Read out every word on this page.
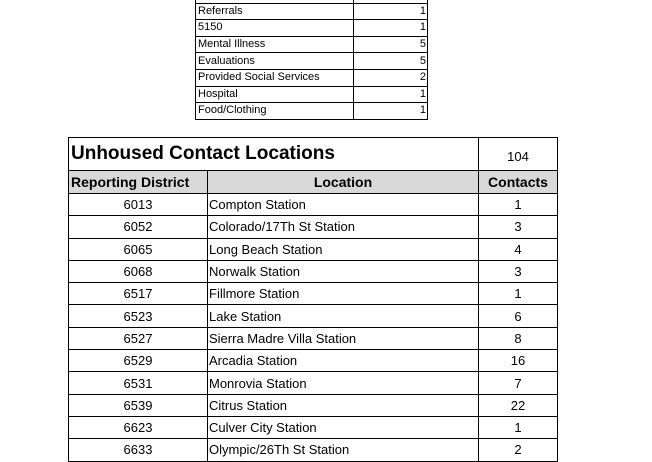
Referrals	1
5150	1
Mental Illness	5
Evaluations	5
Provided Social Services	2
Hospital	1
Food/Clothing	1
Unhoused Contact Locations		104
Reporting District	Location	Contacts
6013	Compton Station	1
6052	Colorado/17Th St Station	3
6065	Long Beach Station	4
6068	Norwalk Station	3
6517	Fillmore Station	1
6523	Lake Station	6
6527	Sierra Madre Villa Station	8
6529	Arcadia Station	16
6531	Monrovia Station	7
6539	Citrus Station	22
6623	Culver City Station	1
6633	Olympic/26Th St Station	2
